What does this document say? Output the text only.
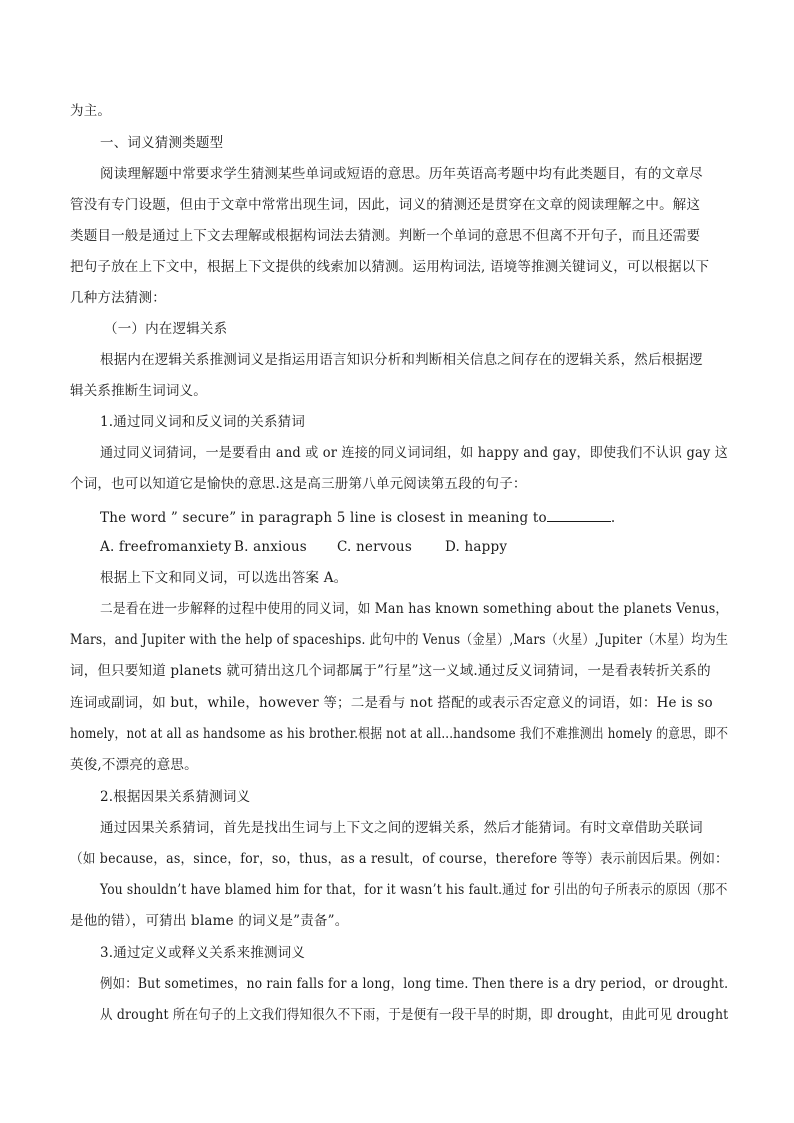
为主。
一、词义猜测类题型
阅读理解题中常要求学生猜测某些单词或短语的意思。历年英语高考题中均有此类题目，有的文章尽
管没有专门设题，但由于文章中常常出现生词，因此，词义的猜测还是贯穿在文章的阅读理解之中。解这
类题目一般是通过上下文去理解或根据构词法去猜测。判断一个单词的意思不但离不开句子，而且还需要
把句子放在上下文中，根据上下文提供的线索加以猜测。运用构词法, 语境等推测关键词义，可以根据以下
几种方法猜测：
（一）内在逻辑关系
根据内在逻辑关系推测词义是指运用语言知识分析和判断相关信息之间存在的逻辑关系，然后根据逻
辑关系推断生词词义。
1.通过同义词和反义词的关系猜词
通过同义词猜词，一是要看由 and 或 or 连接的同义词词组，如 happy and gay，即使我们不认识 gay 这
个词，也可以知道它是愉快的意思.这是高三册第八单元阅读第五段的句子：
The word ” secure” in paragraph 5 line is closest in meaning to	.
A. freefromanxiety B. anxious C. nervous D. happy
根据上下文和同义词，可以选出答案 A。
二是看在进一步解释的过程中使用的同义词，如 Man has known something about the planets Venus，
Mars，and Jupiter with the help of spaceships. 此句中的 Venus（金星）,Mars（火星）,Jupiter（木星）均为生
词，但只要知道 planets 就可猜出这几个词都属于”行星”这一义域.通过反义词猜词，一是看表转折关系的
连词或副词，如 but，while，however 等；二是看与 not 搭配的或表示否定意义的词语，如：He is so
homely，not at all as handsome as his brother.根据 not at all...handsome 我们不难推测出 homely 的意思，即不
英俊,不漂亮的意思。
2.根据因果关系猜测词义
通过因果关系猜词，首先是找出生词与上下文之间的逻辑关系，然后才能猜词。有时文章借助关联词
（如 because，as，since，for，so，thus，as a result，of course，therefore 等等）表示前因后果。例如：
You shouldn’t have blamed him for that，for it wasn’t his fault.通过 for 引出的句子所表示的原因（那不
是他的错），可猜出 blame 的词义是”责备”。
3.通过定义或释义关系来推测词义
例如：But sometimes，no rain falls for a long，long time. Then there is a dry period，or drought.
从 drought 所在句子的上文我们得知很久不下雨，于是便有一段干旱的时期，即 drought，由此可见 drought
